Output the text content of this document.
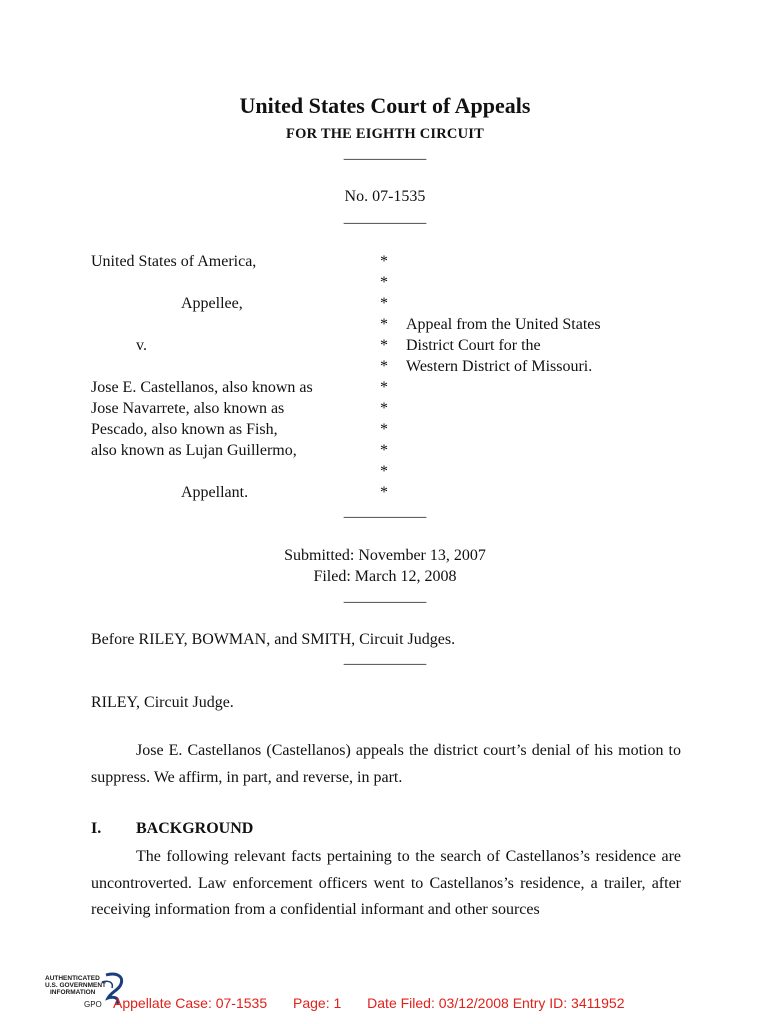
United States Court of Appeals
FOR THE EIGHTH CIRCUIT
___________
No. 07-1535
___________
United States of America,
Appellee,
v.
Jose E. Castellanos, also known as
Jose Navarrete, also known as
Pescado, also known as Fish,
also known as Lujan Guillermo,
Appellant.
*
*
*
*
*
*
*
*
*
*
*
*
Appeal from the United States
District Court for the
Western District of Missouri.
___________
Submitted: November 13, 2007
Filed: March 12, 2008
___________
Before RILEY, BOWMAN, and SMITH, Circuit Judges.
___________
RILEY, Circuit Judge.
Jose E. Castellanos (Castellanos) appeals the district court’s denial of his motion to suppress. We affirm, in part, and reverse, in part.
I. BACKGROUND
The following relevant facts pertaining to the search of Castellanos’s residence are uncontroverted. Law enforcement officers went to Castellanos’s residence, a trailer, after receiving information from a confidential informant and other sources
AUTHENTICATED
U.S. GOVERNMENT
INFORMATION
GPO Appellate Case: 07-1535 Page: 1 Date Filed: 03/12/2008 Entry ID: 3411952
